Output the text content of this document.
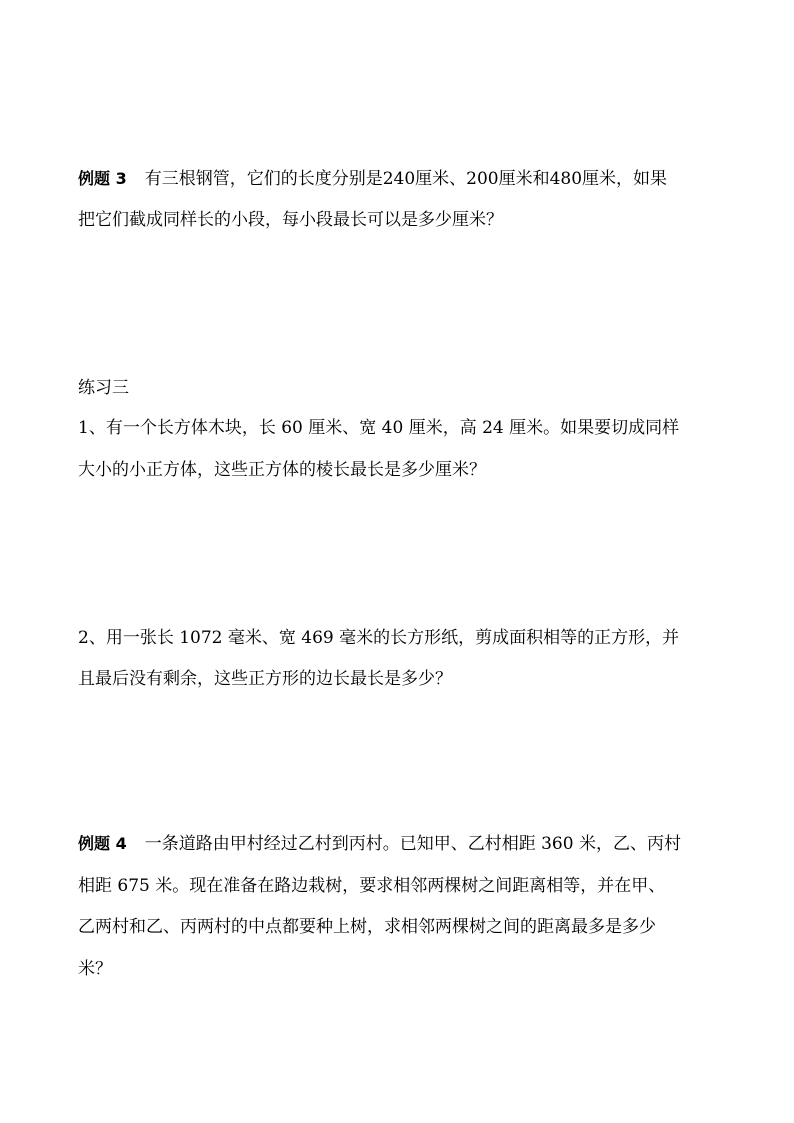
例题 3 有三根钢管，它们的长度分别是240厘米、200厘米和480厘米，如果
把它们截成同样长的小段，每小段最长可以是多少厘米？
练习三
1、有一个长方体木块，长 60 厘米、宽 40 厘米，高 24 厘米。如果要切成同样
大小的小正方体，这些正方体的棱长最长是多少厘米？
2、用一张长 1072 毫米、宽 469 毫米的长方形纸，剪成面积相等的正方形，并
且最后没有剩余，这些正方形的边长最长是多少？
例题 4 一条道路由甲村经过乙村到丙村。已知甲、乙村相距 360 米，乙、丙村
相距 675 米。现在准备在路边栽树，要求相邻两棵树之间距离相等，并在甲、
乙两村和乙、丙两村的中点都要种上树，求相邻两棵树之间的距离最多是多少
米？
